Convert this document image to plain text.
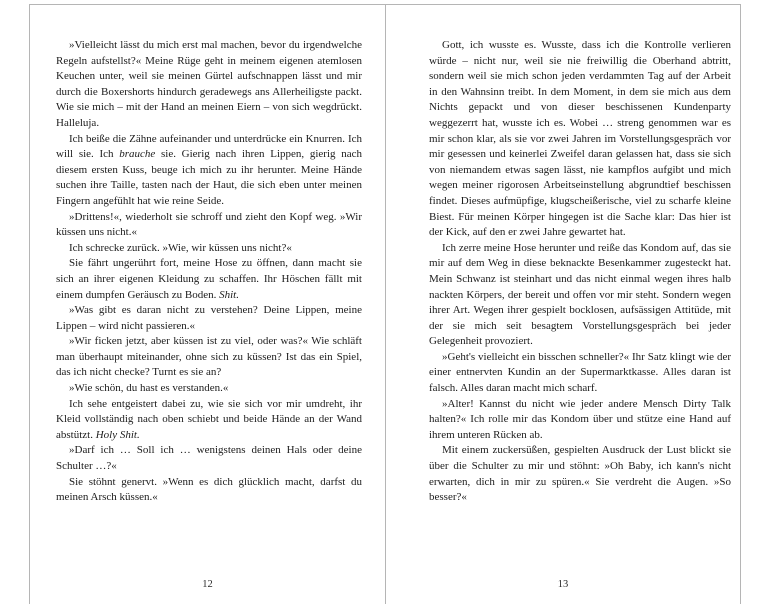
»Vielleicht lässt du mich erst mal machen, bevor du irgendwelche Regeln aufstellst?« Meine Rüge geht in meinem eigenen atemlosen Keuchen unter, weil sie meinen Gürtel aufschnappen lässt und mir durch die Boxershorts hindurch geradewegs ans Allerheiligste packt. Wie sie mich – mit der Hand an meinen Eiern – von sich wegdrückt. Halleluja.

Ich beiße die Zähne aufeinander und unterdrücke ein Knurren. Ich will sie. Ich brauche sie. Gierig nach ihren Lippen, gierig nach diesem ersten Kuss, beuge ich mich zu ihr herunter. Meine Hände suchen ihre Taille, tasten nach der Haut, die sich eben unter meinen Fingern angefühlt hat wie reine Seide.

»Drittens!«, wiederholt sie schroff und zieht den Kopf weg. »Wir küssen uns nicht.«

Ich schrecke zurück. »Wie, wir küssen uns nicht?«

Sie fährt ungerührt fort, meine Hose zu öffnen, dann macht sie sich an ihrer eigenen Kleidung zu schaffen. Ihr Höschen fällt mit einem dumpfen Geräusch zu Boden. Shit.

»Was gibt es daran nicht zu verstehen? Deine Lippen, meine Lippen – wird nicht passieren.«

»Wir ficken jetzt, aber küssen ist zu viel, oder was?« Wie schläft man überhaupt miteinander, ohne sich zu küssen? Ist das ein Spiel, das ich nicht checke? Turnt es sie an?

»Wie schön, du hast es verstanden.«

Ich sehe entgeistert dabei zu, wie sie sich vor mir umdreht, ihr Kleid vollständig nach oben schiebt und beide Hände an der Wand abstützt. Holy Shit.

»Darf ich … Soll ich … wenigstens deinen Hals oder deine Schulter …?«

Sie stöhnt genervt. »Wenn es dich glücklich macht, darfst du meinen Arsch küssen.«

12

Gott, ich wusste es. Wusste, dass ich die Kontrolle verlieren würde – nicht nur, weil sie nie freiwillig die Oberhand abtritt, sondern weil sie mich schon jeden verdammten Tag auf der Arbeit in den Wahnsinn treibt. In dem Moment, in dem sie mich aus dem Nichts gepackt und von dieser beschissenen Kundenparty weggezerrt hat, wusste ich es. Wobei … streng genommen war es mir schon klar, als sie vor zwei Jahren im Vorstellungsgespräch vor mir gesessen und keinerlei Zweifel daran gelassen hat, dass sie sich von niemandem etwas sagen lässt, nie kampflos aufgibt und mich wegen meiner rigorosen Arbeitseinstellung abgrundtief beschissen findet. Dieses aufmüpfige, klugscheißerische, viel zu scharfe kleine Biest. Für meinen Körper hingegen ist die Sache klar: Das hier ist der Kick, auf den er zwei Jahre gewartet hat.

Ich zerre meine Hose herunter und reiße das Kondom auf, das sie mir auf dem Weg in diese beknackte Besenkammer zugesteckt hat. Mein Schwanz ist steinhart und das nicht einmal wegen ihres halb nackten Körpers, der bereit und offen vor mir steht. Sondern wegen ihrer Art. Wegen ihrer gespielt bocklosen, aufsässigen Attitüde, mit der sie mich seit besagtem Vorstellungsgespräch bei jeder Gelegenheit provoziert.

»Geht's vielleicht ein bisschen schneller?« Ihr Satz klingt wie der einer entnervten Kundin an der Supermarktkasse. Alles daran ist falsch. Alles daran macht mich scharf.

»Alter! Kannst du nicht wie jeder andere Mensch Dirty Talk halten?« Ich rolle mir das Kondom über und stütze eine Hand auf ihrem unteren Rücken ab.

Mit einem zuckersüßen, gespielten Ausdruck der Lust blickt sie über die Schulter zu mir und stöhnt: »Oh Baby, ich kann's nicht erwarten, dich in mir zu spüren.« Sie verdreht die Augen. »So besser?«

13
